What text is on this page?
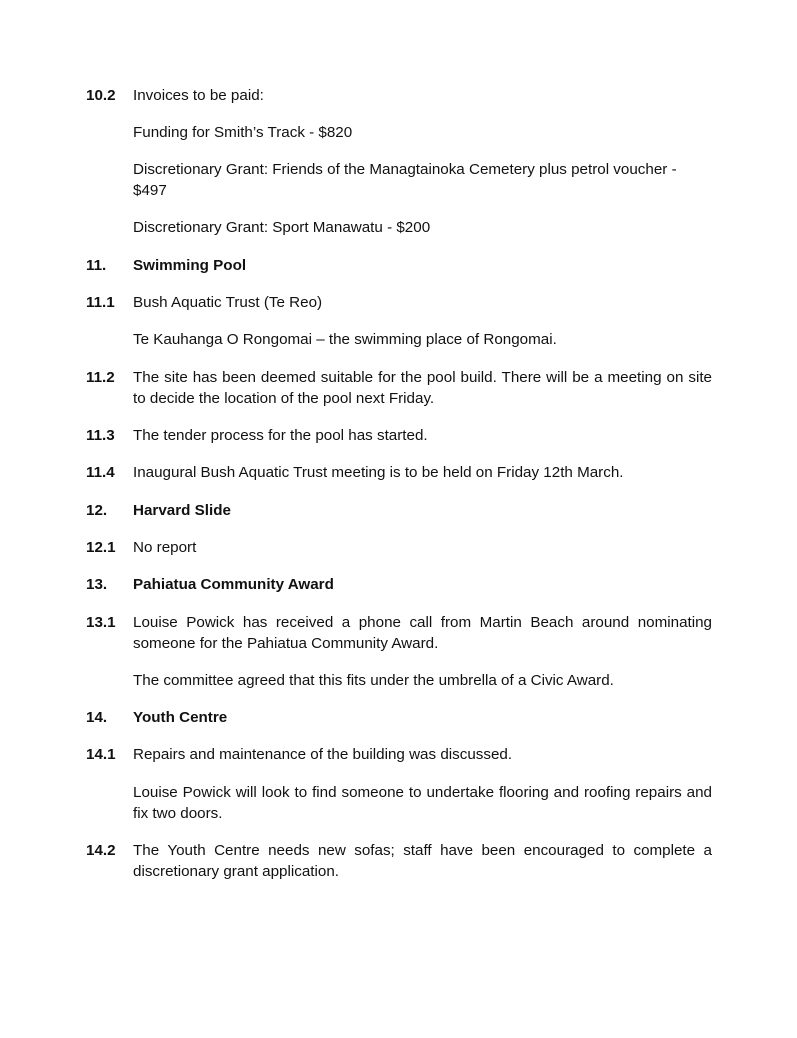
10.2	Invoices to be paid:
Funding for Smith’s Track - $820
Discretionary Grant: Friends of the Managtainoka Cemetery plus petrol voucher - $497
Discretionary Grant: Sport Manawatu - $200
11.	Swimming Pool
11.1	Bush Aquatic Trust (Te Reo)
Te Kauhanga O Rongomai – the swimming place of Rongomai.
11.2	The site has been deemed suitable for the pool build. There will be a meeting on site to decide the location of the pool next Friday.
11.3	The tender process for the pool has started.
11.4	Inaugural Bush Aquatic Trust meeting is to be held on Friday 12th March.
12.	Harvard Slide
12.1	No report
13.	Pahiatua Community Award
13.1	Louise Powick has received a phone call from Martin Beach around nominating someone for the Pahiatua Community Award.
The committee agreed that this fits under the umbrella of a Civic Award.
14.	Youth Centre
14.1	Repairs and maintenance of the building was discussed.
Louise Powick will look to find someone to undertake flooring and roofing repairs and fix two doors.
14.2	The Youth Centre needs new sofas; staff have been encouraged to complete a discretionary grant application.
